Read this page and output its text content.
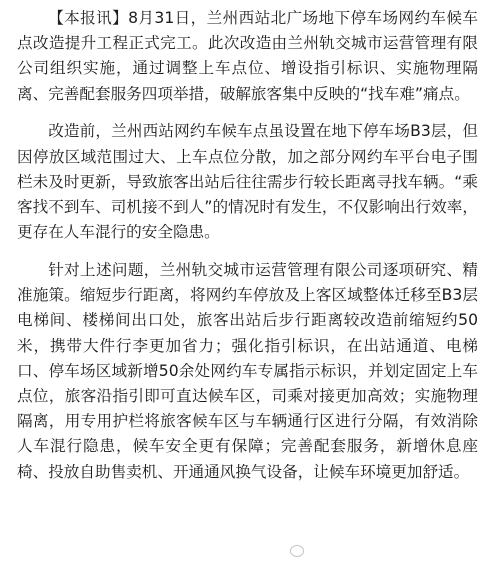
【本报讯】8月31日，兰州西站北广场地下停车场网约车候车点改造提升工程正式完工。此次改造由兰州轨交城市运营管理有限公司组织实施，通过调整上车点位、增设指引标识、实施物理隔离、完善配套服务四项举措，破解旅客集中反映的“找车难”痛点。

改造前，兰州西站网约车候车点虽设置在地下停车场B3层，但因停放区域范围过大、上车点位分散，加之部分网约车平台电子围栏未及时更新，导致旅客出站后往往需步行较长距离寻找车辆。“乘客找不到车、司机接不到人”的情况时有发生，不仅影响出行效率，更存在人车混行的安全隐患。

针对上述问题，兰州轨交城市运营管理有限公司逐项研究、精准施策。缩短步行距离，将网约车停放及上客区域整体迁移至B3层电梯间、楼梯间出口处，旅客出站后步行距离较改造前缩短约50米，携带大件行李更加省力；强化指引标识，在出站通道、电梯口、停车场区域新增50余处网约车专属指示标识，并划定固定上车点位，旅客沿指引即可直达候车区，司乘对接更加高效；实施物理隔离，用专用护栏将旅客候车区与车辆通行区进行分隔，有效消除人车混行隐患，候车安全更有保障；完善配套服务，新增休息座椅、投放自助售卖机、开通通风换气设备，让候车环境更加舒适。
